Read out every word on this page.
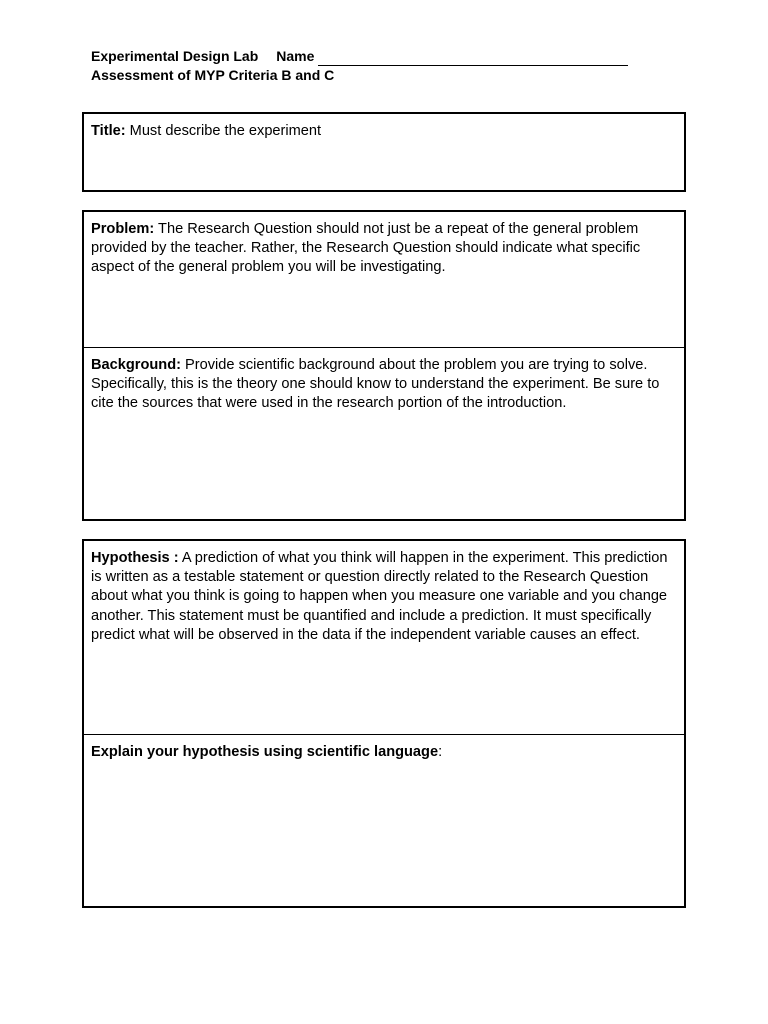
Experimental Design Lab Name
Assessment of MYP Criteria B and C
Title: Must describe the experiment
Problem: The Research Question should not just be a repeat of the general problem provided by the teacher. Rather, the Research Question should indicate what specific aspect of the general problem you will be investigating.
Background: Provide scientific background about the problem you are trying to solve. Specifically, this is the theory one should know to understand the experiment. Be sure to cite the sources that were used in the research portion of the introduction.
Hypothesis : A prediction of what you think will happen in the experiment. This prediction is written as a testable statement or question directly related to the Research Question about what you think is going to happen when you measure one variable and you change another. This statement must be quantified and include a prediction. It must specifically predict what will be observed in the data if the independent variable causes an effect.
Explain your hypothesis using scientific language:
